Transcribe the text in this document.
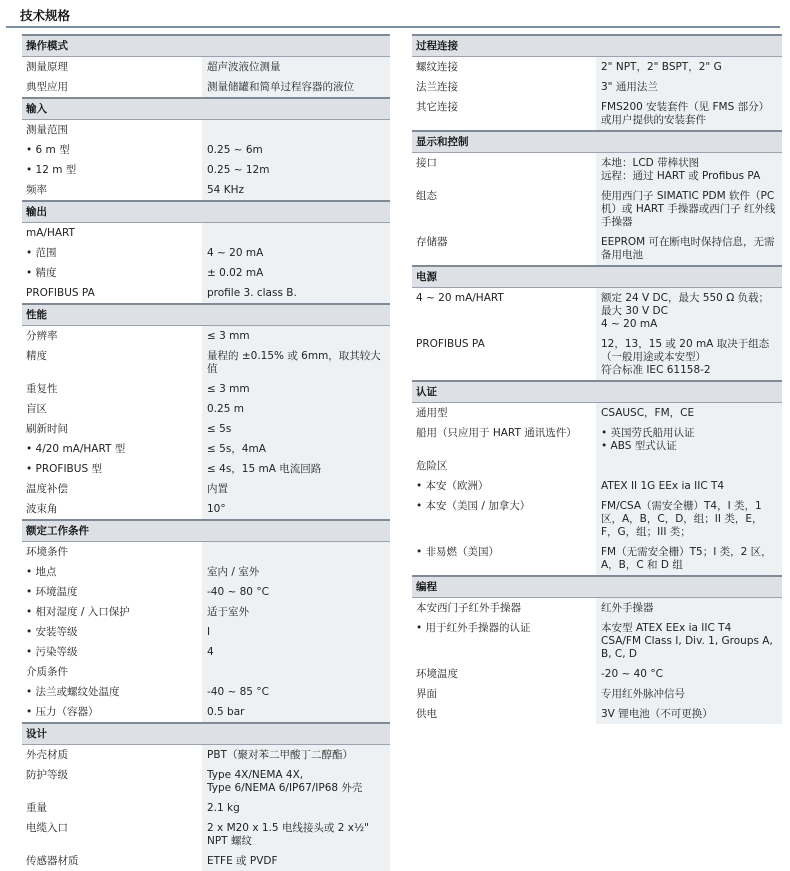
技术规格
操作模式
测量原理	超声波液位测量
典型应用	测量储罐和简单过程容器的液位
输入
测量范围
• 6 m 型	0.25 ~ 6m
• 12 m 型	0.25 ~ 12m
频率	54 KHz
输出
mA/HART
• 范围	4 ~ 20 mA
• 精度	± 0.02 mA
PROFIBUS PA	profile 3. class B.
性能
分辨率	≤ 3 mm
精度	量程的 ±0.15% 或 6mm，取其较大值
重复性	≤ 3 mm
盲区	0.25 m
刷新时间	≤ 5s
• 4/20 mA/HART 型	≤ 5s，4mA
• PROFIBUS 型	≤ 4s，15 mA 电流回路
温度补偿	内置
波束角	10°
额定工作条件
环境条件
• 地点	室内 / 室外
• 环境温度	-40 ~ 80 °C
• 相对湿度 / 入口保护	适于室外
• 安装等级	I
• 污染等级	4
介质条件
• 法兰或螺纹处温度	-40 ~ 85 °C
• 压力（容器）	0.5 bar
设计
外壳材质	PBT（聚对苯二甲酸丁二醇酯）
防护等级	Type 4X/NEMA 4X,
Type 6/NEMA 6/IP67/IP68 外壳
重量	2.1 kg
电缆入口	2 x M20 x 1.5 电线接头或 2 x½"
NPT 螺纹
传感器材质	ETFE 或 PVDF
过程连接
螺纹连接	2" NPT，2" BSPT，2" G
法兰连接	3" 通用法兰
其它连接	FMS200 安装套件（见 FMS 部分）
或用户提供的安装套件
显示和控制
接口	本地：LCD 带棒状图
远程：通过 HART 或 Profibus PA
组态	使用西门子 SIMATIC PDM 软件（PC 机）或 HART 手操器或西门子 红外线手操器
存储器	EEPROM 可在断电时保持信息，无需备用电池
电源
4 ~ 20 mA/HART	额定 24 V DC，最大 550 Ω 负载；
最大 30 V DC
4 ~ 20 mA
PROFIBUS PA	12，13，15 或 20 mA 取决于组态（一般用途或本安型）
符合标准 IEC 61158-2
认证
通用型	CSAUSC，FM，CE
船用（只应用于 HART 通讯选件）	• 英国劳氏船用认证
• ABS 型式认证
危险区
• 本安（欧洲）	ATEX II 1G EEx ia IIC T4
• 本安（美国 / 加拿大）	FM/CSA（需安全栅）T4，I 类，1 区，A，B，C，D，组；II 类，E，F，G，组；III 类；
• 非易燃（美国）	FM（无需安全栅）T5；I 类，2 区，A，B，C 和 D 组
编程
本安西门子红外手操器	红外手操器
• 用于红外手操器的认证	本安型 ATEX EEx ia IIC T4
CSA/FM Class I, Div. 1, Groups A,
B, C, D
环境温度	-20 ~ 40 °C
界面	专用红外脉冲信号
供电	3V 锂电池（不可更换）
